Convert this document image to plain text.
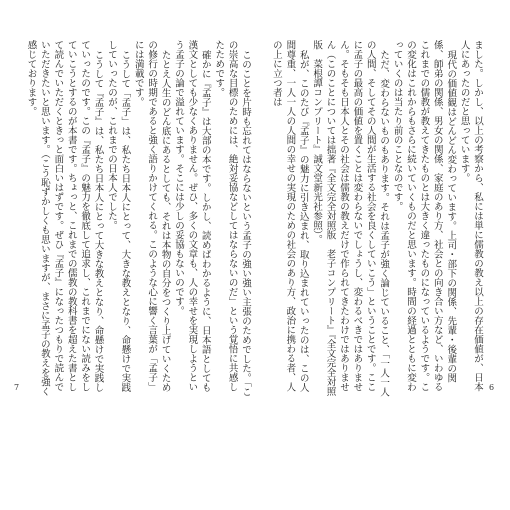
このことを片時も忘れてはならないという孟子の強い強い主張のためでした。「この崇高な目標のためには、絶対妥協などしてはならないのだ」という覚悟に共感したためです。

確かに『孟子』は大部の本です。しかし、読めばわかるように、日本語としても漢文としても少なくありません。ぜひ、多くの文章も、人の幸せを実現しようという孟子の論で溢れています。そこには少しの妥協もないのです。

たとえ人生のどん底にあるとしても、それは本物の自分をつくり上げていくための修行の時期であると強く語りかけてくれる。このような心に響く言葉が「孟子」には満載です。

こうして「孟子」は、私たち日本人にとって、大きな教えとなり、命懸けで実践していったのが、これまでの日本人でした。

こうして『孟子』は、私たち日本人にとって大きな教えとなり、命懸けで実践していったのです。この『孟子』の魅力を徹底して追求し、これまでにない読みをしていこうとするのが本書です。ちょっと、これまでの儒教の教科書を超えた書として読んでいただくときっと面白いはずです。ぜひ『孟子』になったつもりで読んでいただきたいと思います。（こう恥ずかしくも思いますが、まさに孟子の教えを強く感じております。	ました。しかし、以上の考察から、私には単に儒教の教え以上の存在価値が、日本人にあったのだと思っています。

現代の価値観はどんどん変わっています。上司・部下の関係、先輩・後輩の関係、師弟の関係、男女の関係、家庭のあり方、社会との向き合い方など、いわゆるこれまでの儒教が教えてきたものとは大きく違ったものになっているようです。この変化はこれからもさらに続いていくものだと思います。時間の経過とともに変わっていくのは当たり前のことなのです。

ただ、変わらないものもあります。それは孟子が強く論じていること、「一人一人の人間、そしてその人間が生活する社会を良くしていこう」ということです。ここに孟子の最高の価値を置くことは変わらないでしょうし、変わるべきではありません。そもそも日本人とその社会は儒教の教えだけで作られてきたわけではありません（このことについては拙著『全文完全対照版　老子コンプリート』『全文完全対照版　菜根譚コンプリート』誠文堂新光社参照）。

私が、このたび『孟子』の魅力に引き込まれ、取り込まれていったのは、この人間尊重、一人一人の人間の幸せの実現のための社会のあり方、政治に携わる者、人の上に立つ者は

7	6
